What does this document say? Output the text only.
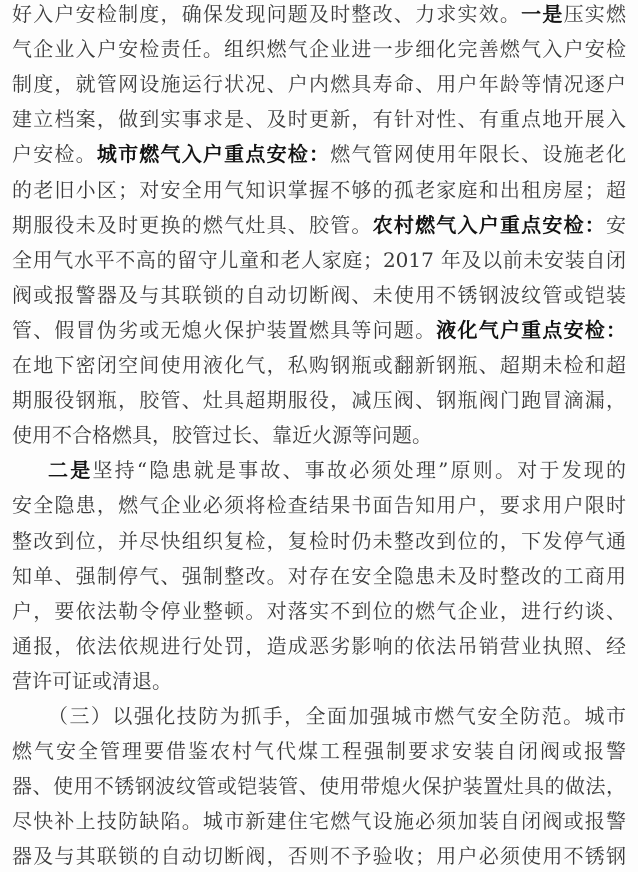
好入户安检制度，确保发现问题及时整改、力求实效。一是压实燃
气企业入户安检责任。组织燃气企业进一步细化完善燃气入户安检
制度，就管网设施运行状况、户内燃具寿命、用户年龄等情况逐户
建立档案，做到实事求是、及时更新，有针对性、有重点地开展入
户安检。城市燃气入户重点安检：燃气管网使用年限长、设施老化
的老旧小区；对安全用气知识掌握不够的孤老家庭和出租房屋；超
期服役未及时更换的燃气灶具、胶管。农村燃气入户重点安检：安
全用气水平不高的留守儿童和老人家庭；2017 年及以前未安装自闭
阀或报警器及与其联锁的自动切断阀、未使用不锈钢波纹管或铠装
管、假冒伪劣或无熄火保护装置燃具等问题。液化气户重点安检：
在地下密闭空间使用液化气，私购钢瓶或翻新钢瓶、超期未检和超
期服役钢瓶，胶管、灶具超期服役，减压阀、钢瓶阀门跑冒滴漏，
使用不合格燃具，胶管过长、靠近火源等问题。
二是坚持“隐患就是事故、事故必须处理”原则。对于发现的
安全隐患，燃气企业必须将检查结果书面告知用户，要求用户限时
整改到位，并尽快组织复检，复检时仍未整改到位的，下发停气通
知单、强制停气、强制整改。对存在安全隐患未及时整改的工商用
户，要依法勒令停业整顿。对落实不到位的燃气企业，进行约谈、
通报，依法依规进行处罚，造成恶劣影响的依法吊销营业执照、经
营许可证或清退。
（三）以强化技防为抓手，全面加强城市燃气安全防范。城市
燃气安全管理要借鉴农村气代煤工程强制要求安装自闭阀或报警
器、使用不锈钢波纹管或铠装管、使用带熄火保护装置灶具的做法，
尽快补上技防缺陷。城市新建住宅燃气设施必须加装自闭阀或报警
器及与其联锁的自动切断阀，否则不予验收；用户必须使用不锈钢
